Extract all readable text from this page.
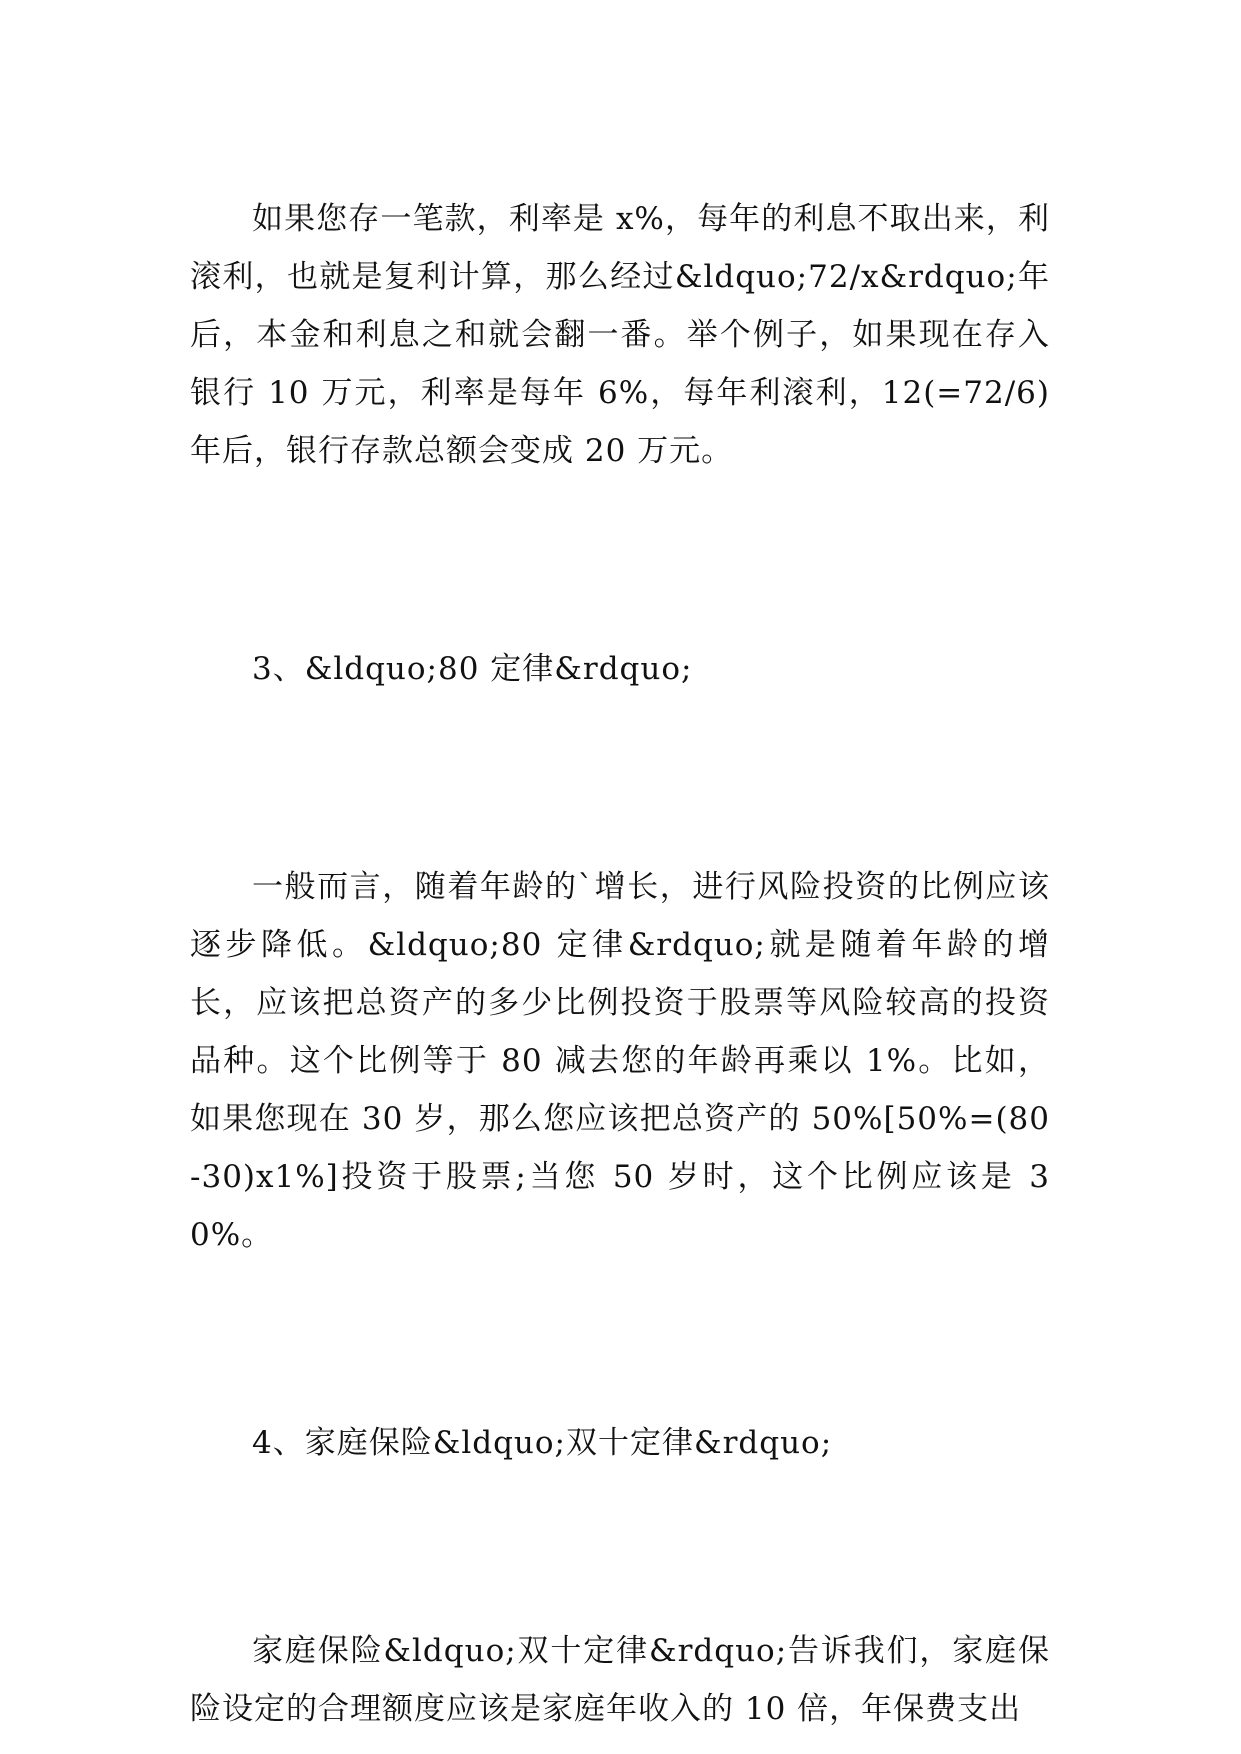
如果您存一笔款，利率是 x%，每年的利息不取出来，利滚利，也就是复利计算，那么经过&ldquo;72/x&rdquo;年后，本金和利息之和就会翻一番。举个例子，如果现在存入银行 10 万元，利率是每年 6%，每年利滚利，12(=72/6)年后，银行存款总额会变成 20 万元。

3、&ldquo;80 定律&rdquo;

一般而言，随着年龄的`增长，进行风险投资的比例应该逐步降低。&ldquo;80 定律&rdquo;就是随着年龄的增长，应该把总资产的多少比例投资于股票等风险较高的投资品种。这个比例等于 80 减去您的年龄再乘以 1%。比如，如果您现在 30 岁，那么您应该把总资产的 50%[50%=(80-30)x1%]投资于股票;当您 50 岁时，这个比例应该是 30%。

4、家庭保险&ldquo;双十定律&rdquo;

家庭保险&ldquo;双十定律&rdquo;告诉我们，家庭保险设定的合理额度应该是家庭年收入的 10 倍，年保费支出
